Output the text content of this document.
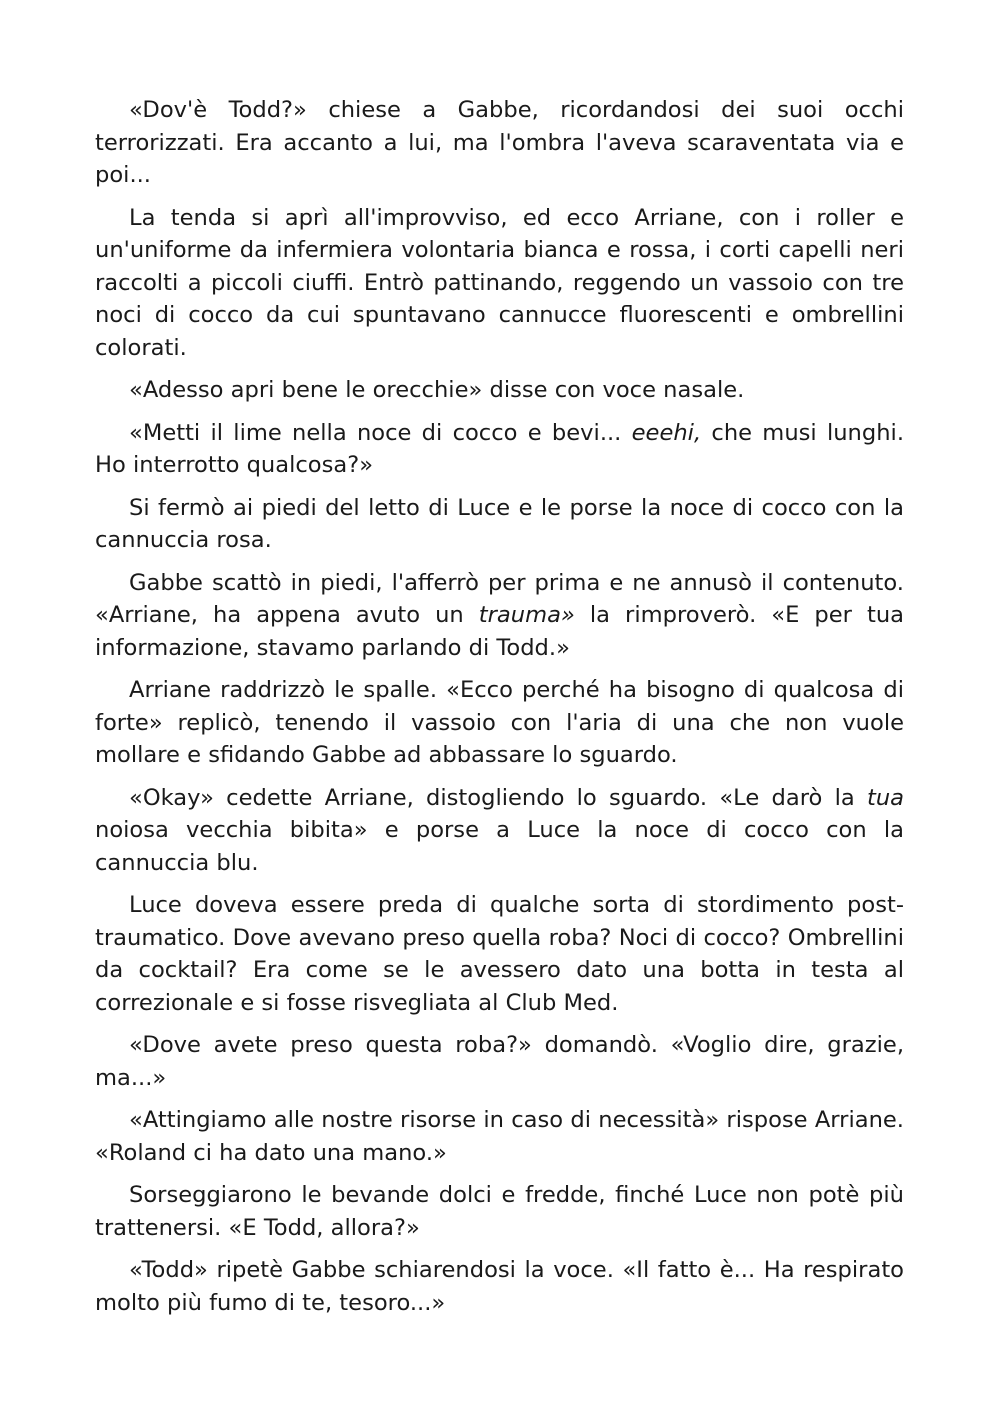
«Dov'è Todd?» chiese a Gabbe, ricordandosi dei suoi occhi terrorizzati. Era accanto a lui, ma l'ombra l'aveva scaraventata via e poi...

La tenda si aprì all'improvviso, ed ecco Arriane, con i roller e un'uniforme da infermiera volontaria bianca e rossa, i corti capelli neri raccolti a piccoli ciuffi. Entrò pattinando, reggendo un vassoio con tre noci di cocco da cui spuntavano cannucce fluorescenti e ombrellini colorati.

«Adesso apri bene le orecchie» disse con voce nasale.

«Metti il lime nella noce di cocco e bevi... eeehi, che musi lunghi. Ho interrotto qualcosa?»

Si fermò ai piedi del letto di Luce e le porse la noce di cocco con la cannuccia rosa.

Gabbe scattò in piedi, l'afferrò per prima e ne annusò il contenuto. «Arriane, ha appena avuto un trauma» la rimproverò. «E per tua informazione, stavamo parlando di Todd.»

Arriane raddrizzò le spalle. «Ecco perché ha bisogno di qualcosa di forte» replicò, tenendo il vassoio con l'aria di una che non vuole mollare e sfidando Gabbe ad abbassare lo sguardo.

«Okay» cedette Arriane, distogliendo lo sguardo. «Le darò la tua noiosa vecchia bibita» e porse a Luce la noce di cocco con la cannuccia blu.

Luce doveva essere preda di qualche sorta di stordimento post-traumatico. Dove avevano preso quella roba? Noci di cocco? Ombrellini da cocktail? Era come se le avessero dato una botta in testa al correzionale e si fosse risvegliata al Club Med.

«Dove avete preso questa roba?» domandò. «Voglio dire, grazie, ma...»

«Attingiamo alle nostre risorse in caso di necessità» rispose Arriane. «Roland ci ha dato una mano.»

Sorseggiarono le bevande dolci e fredde, finché Luce non potè più trattenersi. «E Todd, allora?»

«Todd» ripetè Gabbe schiarendosi la voce. «Il fatto è... Ha respirato molto più fumo di te, tesoro...»
